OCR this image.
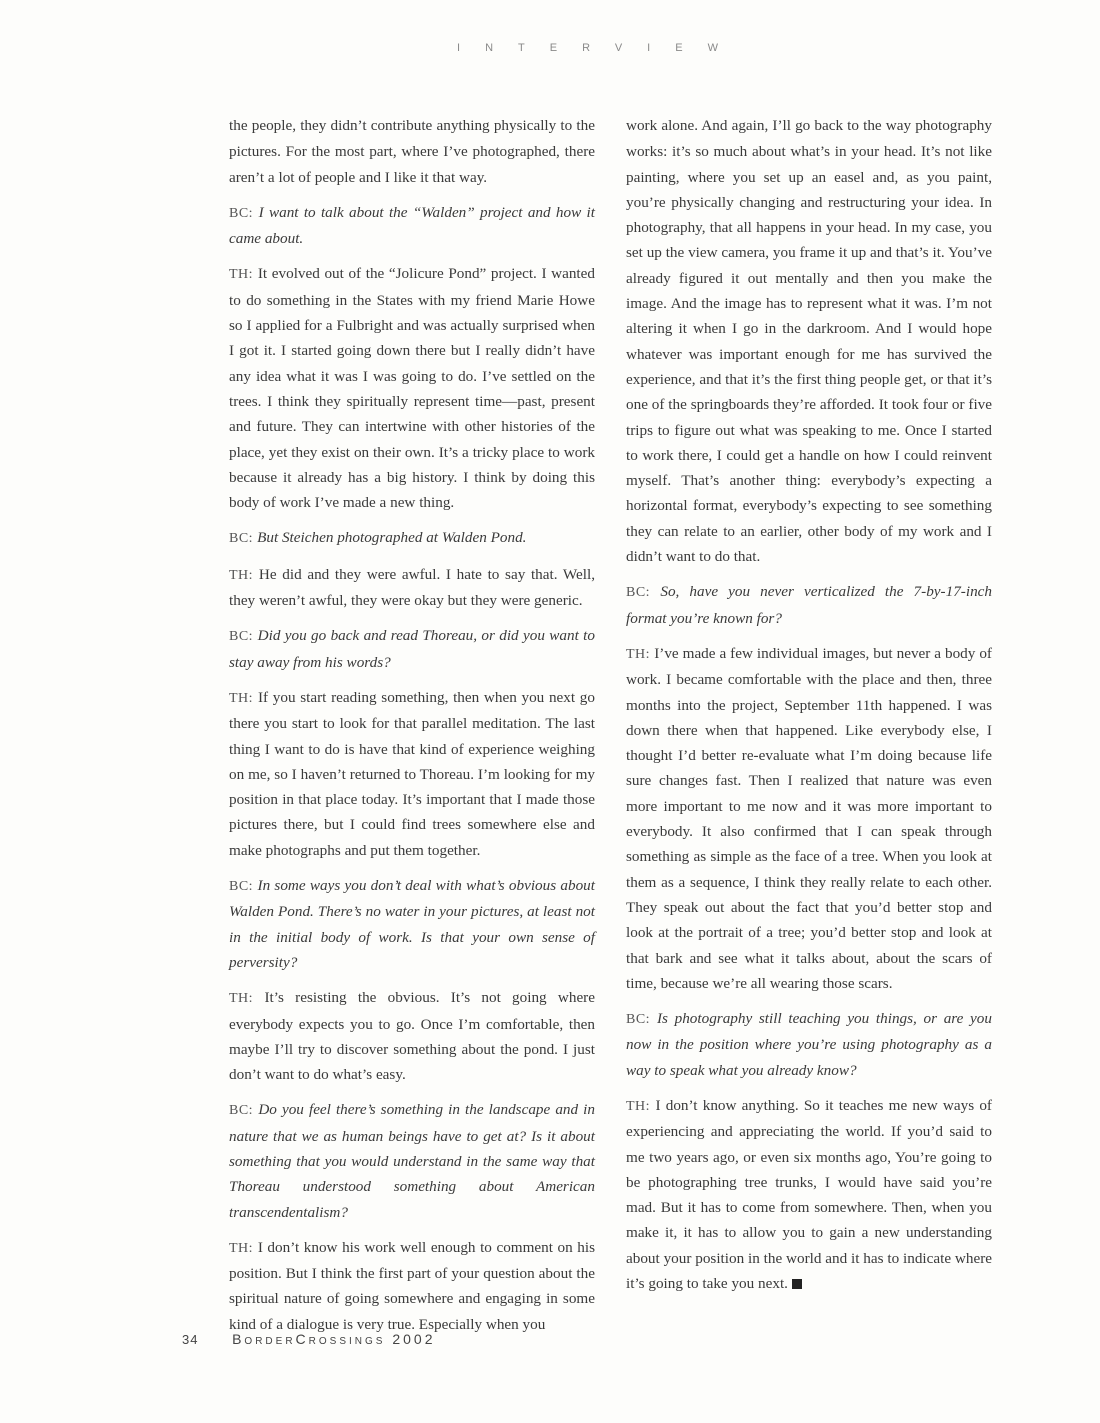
INTERVIEW

the people, they didn’t contribute anything physically to the pictures. For the most part, where I’ve photographed, there aren’t a lot of people and I like it that way.

BC: I want to talk about the “Walden” project and how it came about.

TH: It evolved out of the “Jolicure Pond” project. I wanted to do something in the States with my friend Marie Howe so I applied for a Fulbright and was actually surprised when I got it. I started going down there but I really didn’t have any idea what it was I was going to do. I’ve settled on the trees. I think they spiritually represent time—past, present and future. They can intertwine with other histories of the place, yet they exist on their own. It’s a tricky place to work because it already has a big history. I think by doing this body of work I’ve made a new thing.

BC: But Steichen photographed at Walden Pond.

TH: He did and they were awful. I hate to say that. Well, they weren’t awful, they were okay but they were generic.

BC: Did you go back and read Thoreau, or did you want to stay away from his words?

TH: If you start reading something, then when you next go there you start to look for that parallel meditation. The last thing I want to do is have that kind of experience weighing on me, so I haven’t returned to Thoreau. I’m looking for my position in that place today. It’s important that I made those pictures there, but I could find trees somewhere else and make photographs and put them together.

BC: In some ways you don’t deal with what’s obvious about Walden Pond. There’s no water in your pictures, at least not in the initial body of work. Is that your own sense of perversity?

TH: It’s resisting the obvious. It’s not going where everybody expects you to go. Once I’m comfortable, then maybe I’ll try to discover something about the pond. I just don’t want to do what’s easy.

BC: Do you feel there’s something in the landscape and in nature that we as human beings have to get at? Is it about something that you would understand in the same way that Thoreau understood something about American transcendentalism?

TH: I don’t know his work well enough to comment on his position. But I think the first part of your question about the spiritual nature of going somewhere and engaging in some kind of a dialogue is very true. Especially when you

work alone. And again, I’ll go back to the way photography works: it’s so much about what’s in your head. It’s not like painting, where you set up an easel and, as you paint, you’re physically changing and restructuring your idea. In photography, that all happens in your head. In my case, you set up the view camera, you frame it up and that’s it. You’ve already figured it out mentally and then you make the image. And the image has to represent what it was. I’m not altering it when I go in the darkroom. And I would hope whatever was important enough for me has survived the experience, and that it’s the first thing people get, or that it’s one of the springboards they’re afforded. It took four or five trips to figure out what was speaking to me. Once I started to work there, I could get a handle on how I could reinvent myself. That’s another thing: everybody’s expecting a horizontal format, everybody’s expecting to see something they can relate to an earlier, other body of my work and I didn’t want to do that.

BC: So, have you never verticalized the 7-by-17-inch format you’re known for?

TH: I’ve made a few individual images, but never a body of work. I became comfortable with the place and then, three months into the project, September 11th happened. I was down there when that happened. Like everybody else, I thought I’d better re-evaluate what I’m doing because life sure changes fast. Then I realized that nature was even more important to me now and it was more important to everybody. It also confirmed that I can speak through something as simple as the face of a tree. When you look at them as a sequence, I think they really relate to each other. They speak out about the fact that you’d better stop and look at the portrait of a tree; you’d better stop and look at that bark and see what it talks about, about the scars of time, because we’re all wearing those scars.

BC: Is photography still teaching you things, or are you now in the position where you’re using photography as a way to speak what you already know?

TH: I don’t know anything. So it teaches me new ways of experiencing and appreciating the world. If you’d said to me two years ago, or even six months ago, You’re going to be photographing tree trunks, I would have said you’re mad. But it has to come from somewhere. Then, when you make it, it has to allow you to gain a new understanding about your position in the world and it has to indicate where it’s going to take you next.

34 BorderCrossings 2002
